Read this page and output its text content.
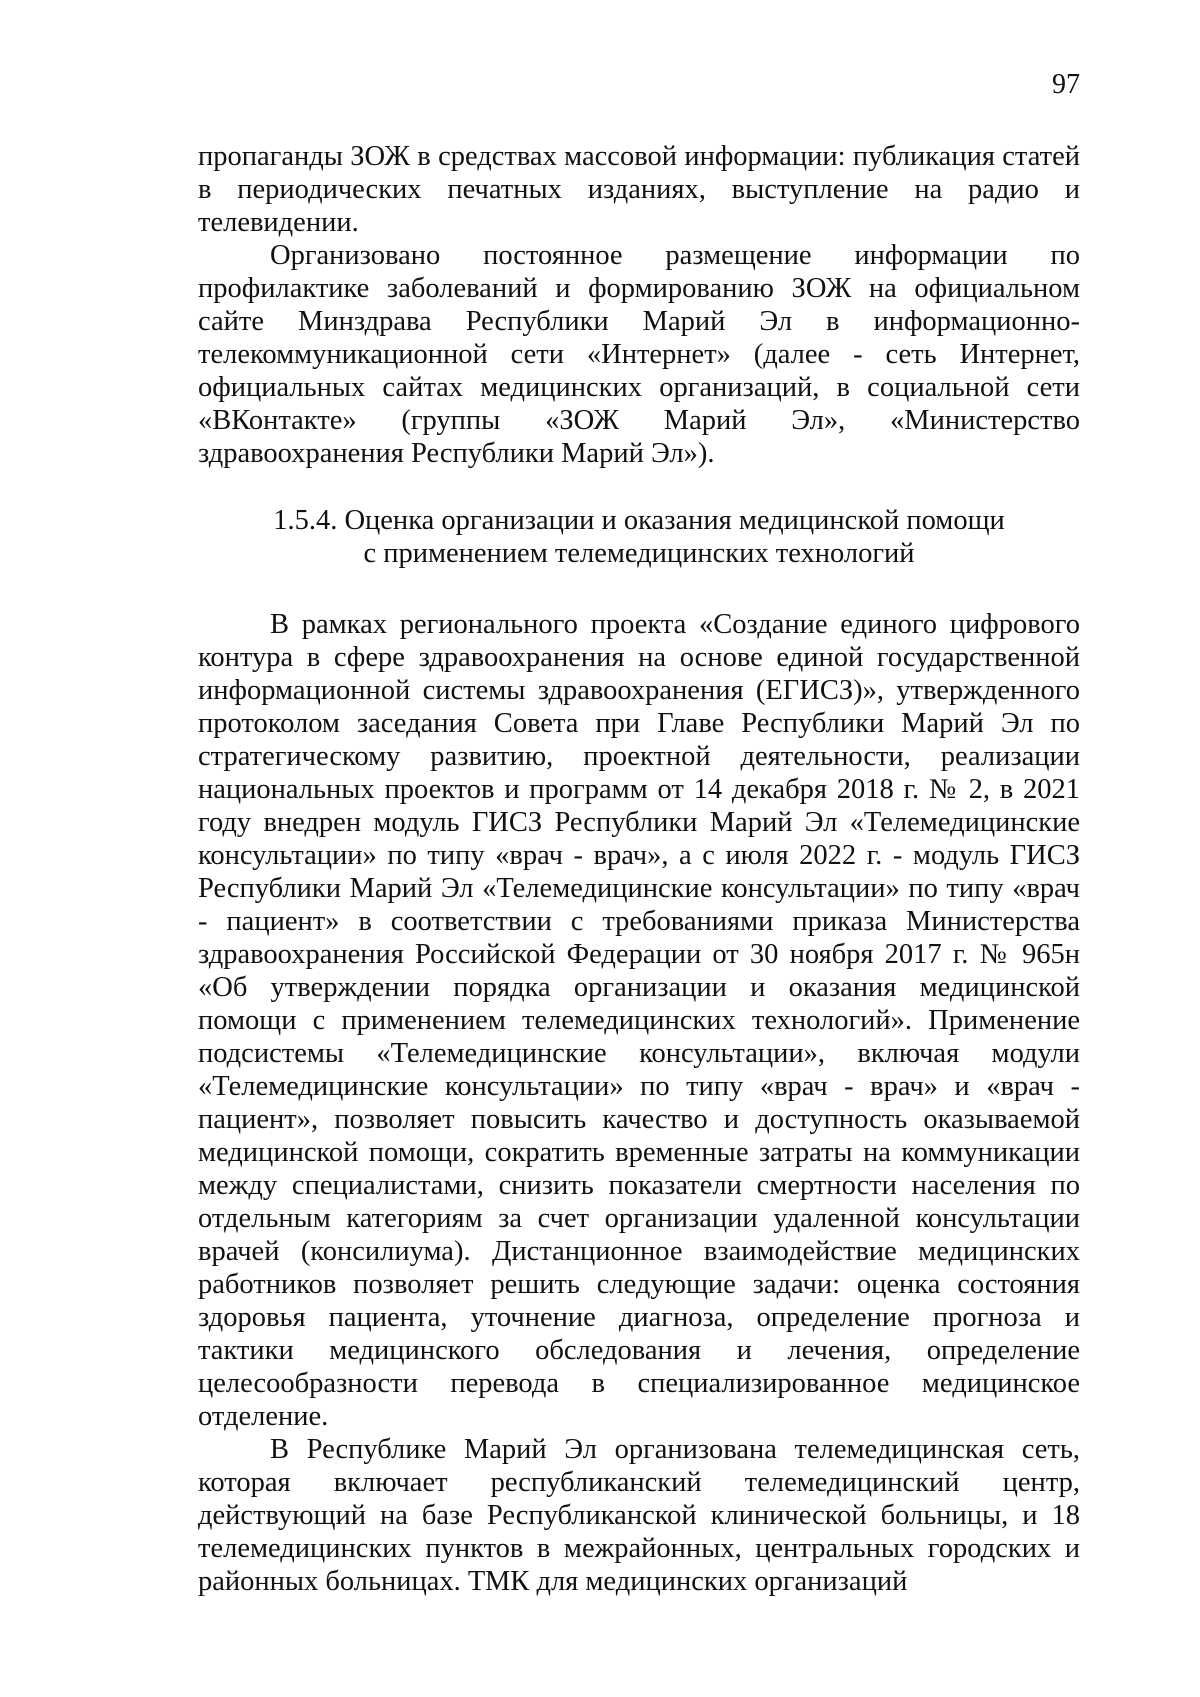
97

пропаганды ЗОЖ в средствах массовой информации: публикация статей в периодических печатных изданиях, выступление на радио и телевидении.

Организовано постоянное размещение информации по профилактике заболеваний и формированию ЗОЖ на официальном сайте Минздрава Республики Марий Эл в информационно-телекоммуникационной сети «Интернет» (далее - сеть Интернет, официальных сайтах медицинских организаций, в социальной сети «ВКонтакте» (группы «ЗОЖ Марий Эл», «Министерство здравоохранения Республики Марий Эл»).

1.5.4. Оценка организации и оказания медицинской помощи
с применением телемедицинских технологий

В рамках регионального проекта «Создание единого цифрового контура в сфере здравоохранения на основе единой государственной информационной системы здравоохранения (ЕГИСЗ)», утвержденного протоколом заседания Совета при Главе Республики Марий Эл по стратегическому развитию, проектной деятельности, реализации национальных проектов и программ от 14 декабря 2018 г. № 2, в 2021 году внедрен модуль ГИСЗ Республики Марий Эл «Телемедицинские консультации» по типу «врач - врач», а с июля 2022 г. - модуль ГИСЗ Республики Марий Эл «Телемедицинские консультации» по типу «врач - пациент» в соответствии с требованиями приказа Министерства здравоохранения Российской Федерации от 30 ноября 2017 г. № 965н «Об утверждении порядка организации и оказания медицинской помощи с применением телемедицинских технологий». Применение подсистемы «Телемедицинские консультации», включая модули «Телемедицинские консультации» по типу «врач - врач» и «врач - пациент», позволяет повысить качество и доступность оказываемой медицинской помощи, сократить временные затраты на коммуникации между специалистами, снизить показатели смертности населения по отдельным категориям за счет организации удаленной консультации врачей (консилиума). Дистанционное взаимодействие медицинских работников позволяет решить следующие задачи: оценка состояния здоровья пациента, уточнение диагноза, определение прогноза и тактики медицинского обследования и лечения, определение целесообразности перевода в специализированное медицинское отделение.

В Республике Марий Эл организована телемедицинская сеть, которая включает республиканский телемедицинский центр, действующий на базе Республиканской клинической больницы, и 18 телемедицинских пунктов в межрайонных, центральных городских и районных больницах. ТМК для медицинских организаций
